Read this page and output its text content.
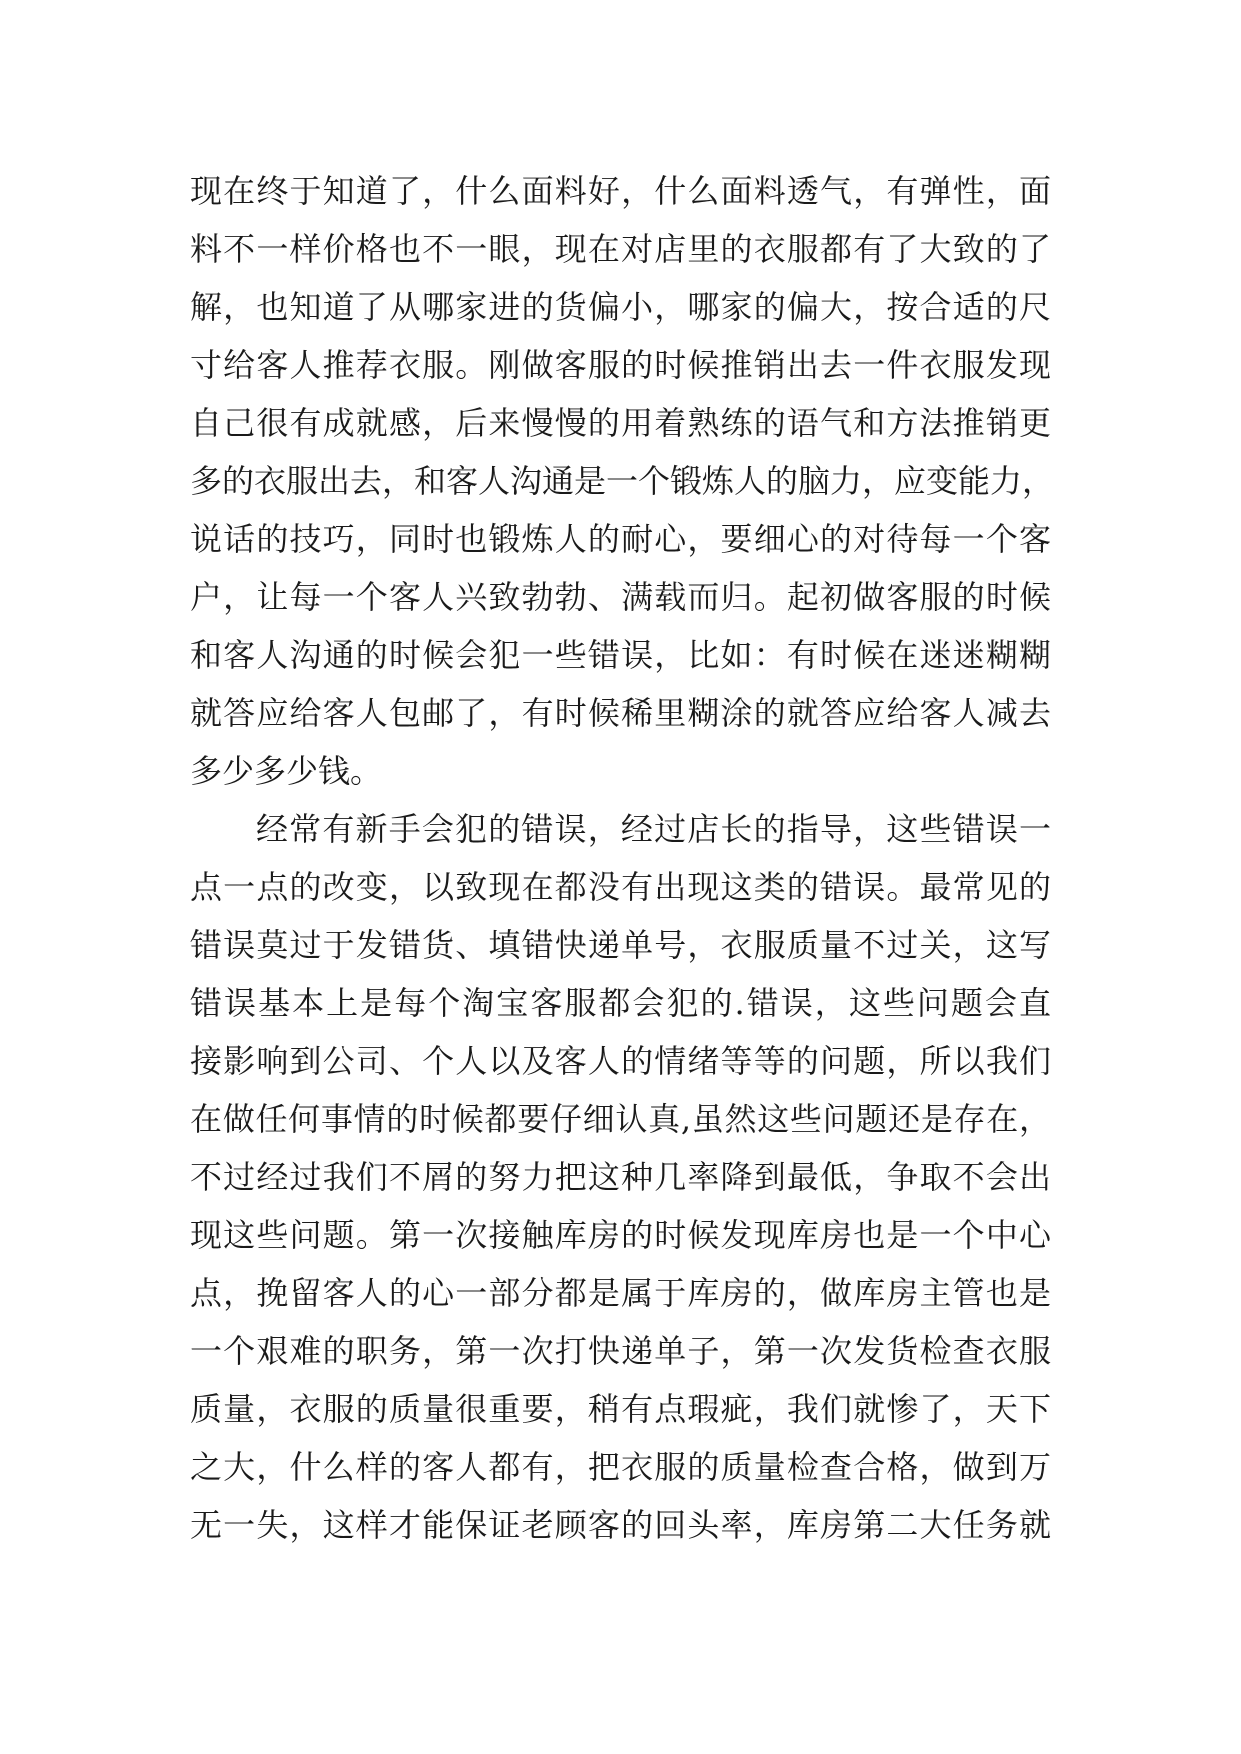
现在终于知道了，什么面料好，什么面料透气，有弹性，面
料不一样价格也不一眼，现在对店里的衣服都有了大致的了
解，也知道了从哪家进的货偏小，哪家的偏大，按合适的尺
寸给客人推荐衣服。刚做客服的时候推销出去一件衣服发现
自己很有成就感，后来慢慢的用着熟练的语气和方法推销更
多的衣服出去，和客人沟通是一个锻炼人的脑力，应变能力，
说话的技巧，同时也锻炼人的耐心，要细心的对待每一个客
户，让每一个客人兴致勃勃、满载而归。起初做客服的时候
和客人沟通的时候会犯一些错误，比如：有时候在迷迷糊糊
就答应给客人包邮了，有时候稀里糊涂的就答应给客人减去
多少多少钱。
经常有新手会犯的错误，经过店长的指导，这些错误一
点一点的改变，以致现在都没有出现这类的错误。最常见的
错误莫过于发错货、填错快递单号，衣服质量不过关，这写
错误基本上是每个淘宝客服都会犯的.错误，这些问题会直
接影响到公司、个人以及客人的情绪等等的问题，所以我们
在做任何事情的时候都要仔细认真,虽然这些问题还是存在，
不过经过我们不屑的努力把这种几率降到最低，争取不会出
现这些问题。第一次接触库房的时候发现库房也是一个中心
点，挽留客人的心一部分都是属于库房的，做库房主管也是
一个艰难的职务，第一次打快递单子，第一次发货检查衣服
质量，衣服的质量很重要，稍有点瑕疵，我们就惨了，天下
之大，什么样的客人都有，把衣服的质量检查合格，做到万
无一失，这样才能保证老顾客的回头率，库房第二大任务就
